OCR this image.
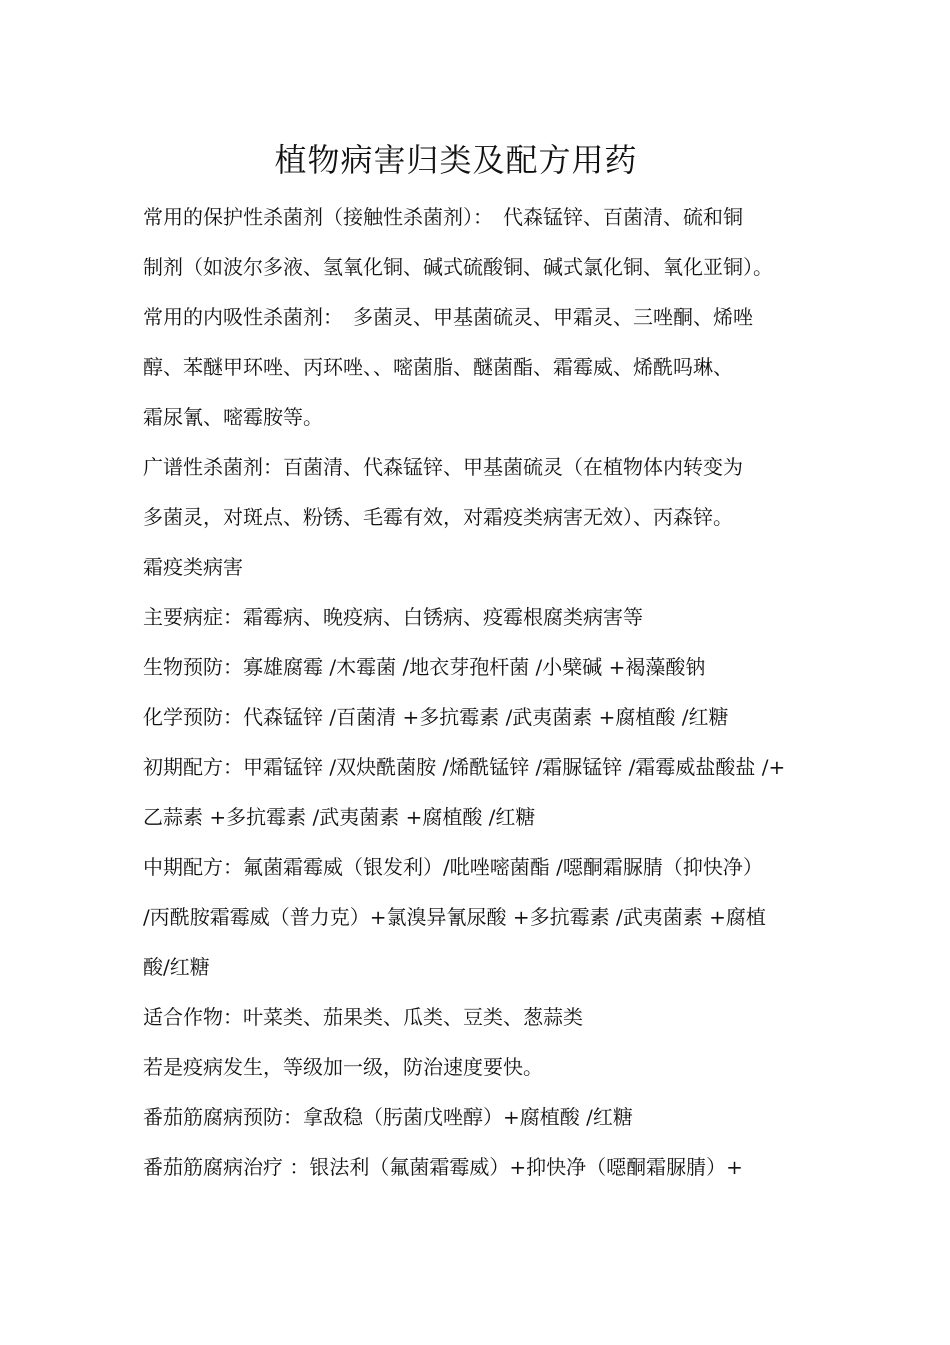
植物病害归类及配方用药
常用的保护性杀菌剂（接触性杀菌剂）：　代森锰锌、百菌清、硫和铜
制剂（如波尔多液、氢氧化铜、碱式硫酸铜、碱式氯化铜、氧化亚铜）。
常用的内吸性杀菌剂：　多菌灵、甲基菌硫灵、甲霜灵、三唑酮、烯唑
醇、苯醚甲环唑、丙环唑、、嘧菌脂、醚菌酯、霜霉威、烯酰吗琳、
霜尿氰、嘧霉胺等。
广谱性杀菌剂：百菌清、代森锰锌、甲基菌硫灵（在植物体内转变为
多菌灵，对斑点、粉锈、毛霉有效，对霜疫类病害无效）、丙森锌。
霜疫类病害
主要病症：霜霉病、晚疫病、白锈病、疫霉根腐类病害等
生物预防：寡雄腐霉 /木霉菌 /地衣芽孢杆菌 /小檗碱 +褐藻酸钠
化学预防：代森锰锌 /百菌清 +多抗霉素 /武夷菌素 +腐植酸 /红糖
初期配方：甲霜锰锌 /双炔酰菌胺 /烯酰锰锌 /霜脲锰锌 /霜霉威盐酸盐 /+
乙蒜素 +多抗霉素 /武夷菌素 +腐植酸 /红糖
中期配方：氟菌霜霉威（银发利）/吡唑嘧菌酯 /噁酮霜脲腈（抑快净）
/丙酰胺霜霉威（普力克）+氯溴异氰尿酸 +多抗霉素 /武夷菌素 +腐植
酸/红糖
适合作物：叶菜类、茄果类、瓜类、豆类、葱蒜类
若是疫病发生，等级加一级，防治速度要快。
番茄筋腐病预防：拿敌稳（肟菌戊唑醇）+腐植酸 /红糖
番茄筋腐病治疗 ：银法利（氟菌霜霉威）+抑快净（噁酮霜脲腈）+
